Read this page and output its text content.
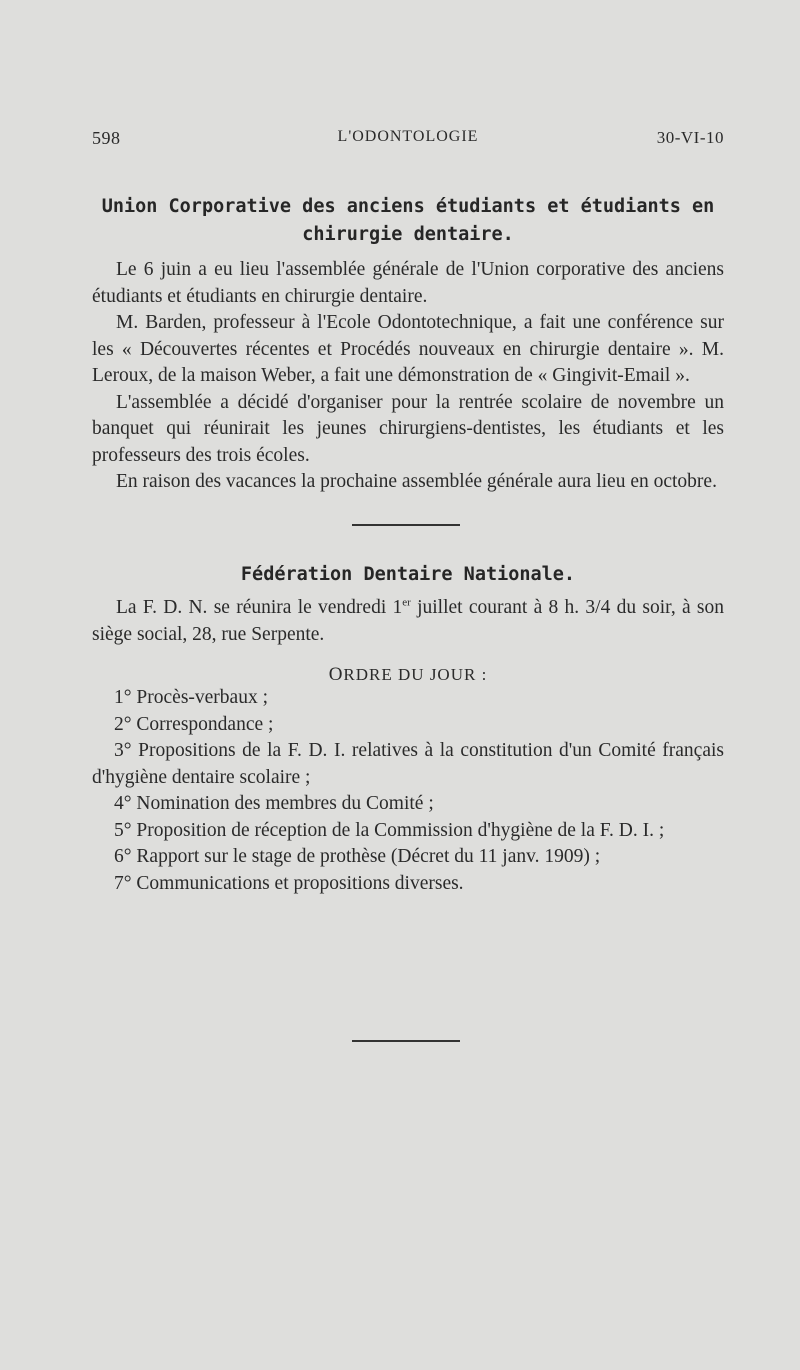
598	L'ODONTOLOGIE	30-VI-10
Union Corporative des anciens étudiants et étudiants en
chirurgie dentaire.

Le 6 juin a eu lieu l'assemblée générale de l'Union corporative des anciens étudiants et étudiants en chirurgie dentaire.

M. Barden, professeur à l'Ecole Odontotechnique, a fait une conférence sur les « Découvertes récentes et Procédés nouveaux en chirurgie dentaire ». M. Leroux, de la maison Weber, a fait une démonstration de « Gingivit-Email ».

L'assemblée a décidé d'organiser pour la rentrée scolaire de novembre un banquet qui réunirait les jeunes chirurgiens-dentistes, les étudiants et les professeurs des trois écoles.

En raison des vacances la prochaine assemblée générale aura lieu en octobre.

Fédération Dentaire Nationale.

La F. D. N. se réunira le vendredi 1er juillet courant à 8 h. 3/4 du soir, à son siège social, 28, rue Serpente.

ORDRE DU JOUR :

1° Procès-verbaux ;

2° Correspondance ;

3° Propositions de la F. D. I. relatives à la constitution d'un Comité français d'hygiène dentaire scolaire ;

4° Nomination des membres du Comité ;

5° Proposition de réception de la Commission d'hygiène de la F. D. I. ;

6° Rapport sur le stage de prothèse (Décret du 11 janv. 1909) ;

7° Communications et propositions diverses.
